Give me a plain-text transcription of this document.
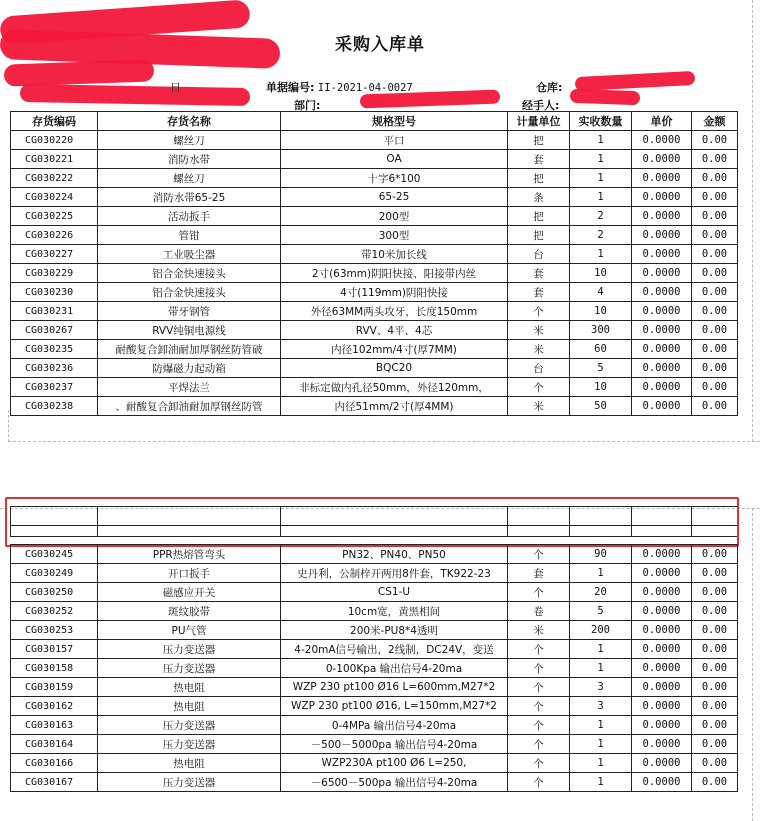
采购入库单
日	单据编号: II-2021-04-0027	仓库:
部门:	经手人:
存货编码	存货名称	规格型号	计量单位	实收数量	单价	金额
CG030220	螺丝刀	平口	把	1	0.0000	0.00
CG030221	消防水带	OA	套	1	0.0000	0.00
CG030222	螺丝刀	十字6*100	把	1	0.0000	0.00
CG030224	消防水带65-25	65-25	条	1	0.0000	0.00
CG030225	活动扳手	200型	把	2	0.0000	0.00
CG030226	管钳	300型	把	2	0.0000	0.00
CG030227	工业吸尘器	带10米加长线	台	1	0.0000	0.00
CG030229	铝合金快速接头	2寸(63mm)阴阳快接、阳接带内丝	套	10	0.0000	0.00
CG030230	铝合金快速接头	4寸(119mm)阴阳快接	套	4	0.0000	0.00
CG030231	带牙钢管	外径63MM两头攻牙，长度150mm	个	10	0.0000	0.00
CG030267	RVV纯铜电源线	RVV、4平、4芯	米	300	0.0000	0.00
CG030235	耐酸复合卸油耐加厚钢丝防管破	内径102mm/4寸(厚7MM)	米	60	0.0000	0.00
CG030236	防爆磁力起动箱	BQC20	台	5	0.0000	0.00
CG030237	平焊法兰	非标定做内孔径50mm，外径120mm，	个	10	0.0000	0.00
CG030238	、耐酸复合卸油耐加厚钢丝防管	内径51mm/2寸(厚4MM)	米	50	0.0000	0.00

CG030245	PPR热熔管弯头	PN32、PN40、PN50	个	90	0.0000	0.00
CG030249	开口扳手	史丹利，公制梓开两用8件套，TK922-23	套	1	0.0000	0.00
CG030250	磁感应开关	CS1-U	个	20	0.0000	0.00
CG030252	斑纹胶带	10cm宽，黄黑相间	卷	5	0.0000	0.00
CG030253	PU气管	200米-PU8*4透明	米	200	0.0000	0.00
CG030157	压力变送器	4-20mA信号输出，2线制，DC24V，变送	个	1	0.0000	0.00
CG030158	压力变送器	0-100Kpa 输出信号4-20ma	个	1	0.0000	0.00
CG030159	热电阻	WZP 230 pt100 Ø16 L=600mm,M27*2	个	3	0.0000	0.00
CG030162	热电阻	WZP 230 pt100 Ø16, L=150mm,M27*2	个	3	0.0000	0.00
CG030163	压力变送器	0-4MPa 输出信号4-20ma	个	1	0.0000	0.00
CG030164	压力变送器	－500－5000pa 输出信号4-20ma	个	1	0.0000	0.00
CG030166	热电阻	WZP230A pt100 Ø6 L=250,	个	1	0.0000	0.00
CG030167	压力变送器	－6500－500pa 输出信号4-20ma	个	1	0.0000	0.00
